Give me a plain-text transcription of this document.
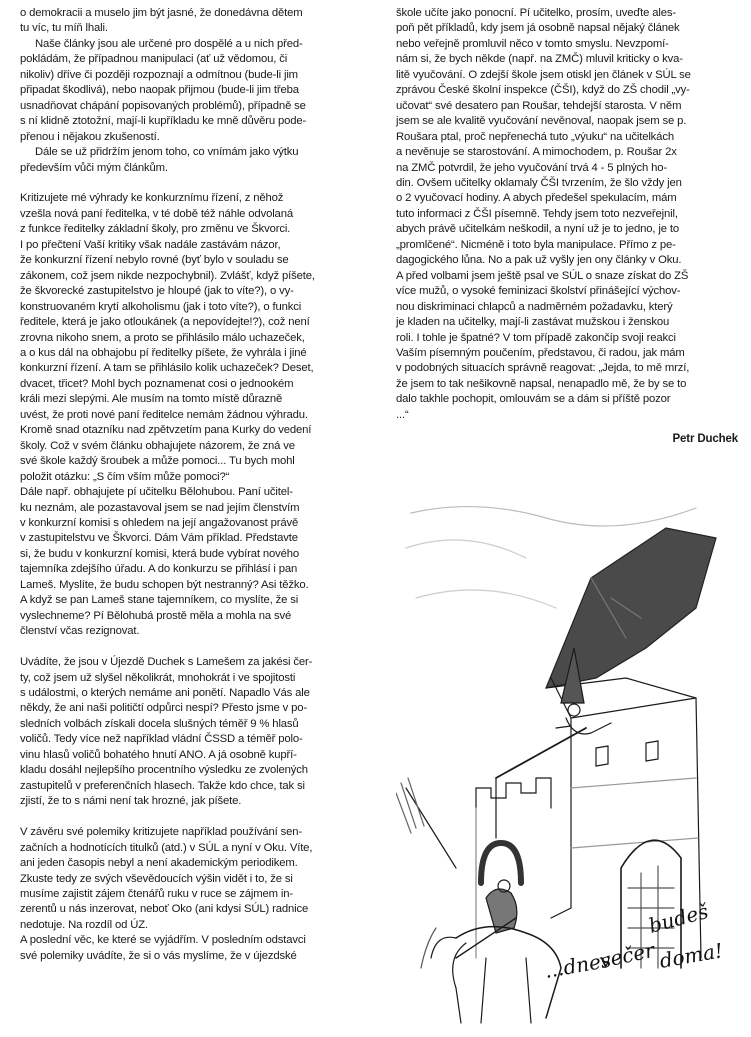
o demokracii a muselo jim být jasné, že donedávna dětem
tu víc, tu míň lhali.

Naše články jsou ale určené pro dospělé a u nich před-
pokládám, že případnou manipulaci (ať už vědomou, či
nikoliv) dříve či později rozpoznají a odmítnou (bude-li jim
připadat škodlivá), nebo naopak přijmou (bude-li jim třeba
usnadňovat chápání popisovaných problémů), případně se
s ní klidně ztotožní, mají-li kupříkladu ke mně důvěru pode-
přenou i nějakou zkušeností.

Dále se už přidržím jenom toho, co vnímám jako výtku
především vůči mým článkům.

Kritizujete mé výhrady ke konkurznímu řízení, z něhož
vzešla nová paní ředitelka, v té době též náhle odvolaná
z funkce ředitelky základní školy, pro změnu ve Škvorci.
I po přečtení Vaší kritiky však nadále zastávám názor,
že konkurzní řízení nebylo rovné (byť bylo v souladu se
zákonem, což jsem nikde nezpochybnil). Zvlášť, když píšete,
že škvorecké zastupitelstvo je hloupé (jak to víte?), o vy-
konstruovaném krytí alkoholismu (jak i toto víte?), o funkci
ředitele, která je jako otloukánek (a nepovídejte!?), což není
zrovna nikoho snem, a proto se přihlásilo málo uchazeček,
a o kus dál na obhajobu pí ředitelky píšete, že vyhrála i jiné
konkurzní řízení. A tam se přihlásilo kolik uchazeček? Deset,
dvacet, třicet? Mohl bych poznamenat cosi o jednookém
králi mezi slepými. Ale musím na tomto místě důrazně
uvést, že proti nové paní ředitelce nemám žádnou výhradu.
Kromě snad otazníku nad zpětvzetím pana Kurky do vedení
školy. Což v svém článku obhajujete názorem, že zná ve
své škole každý šroubek a může pomoci... Tu bych mohl
položit otázku: „S čím vším může pomoci?“
Dále např. obhajujete pí učitelku Bělohubou. Paní učitel-
ku neznám, ale pozastavoval jsem se nad jejím členstvím
v konkurzní komisi s ohledem na její angažovanost právě
v zastupitelstvu ve Škvorci. Dám Vám příklad. Představte
si, že budu v konkurzní komisi, která bude vybírat nového
tajemníka zdejšího úřadu. A do konkurzu se přihlásí i pan
Lameš. Myslíte, že budu schopen být nestranný? Asi těžko.
A když se pan Lameš stane tajemníkem, co myslíte, že si
vyslechneme? Pí Bělohubá prostě měla a mohla na své
členství včas rezignovat.

Uvádíte, že jsou v Újezdě Duchek s Lamešem za jakési čer-
ty, což jsem už slyšel několikrát, mnohokrát i ve spojitosti
s událostmi, o kterých nemáme ani ponětí. Napadlo Vás ale
někdy, že ani naši političtí odpůrci nespí? Přesto jsme v po-
sledních volbách získali docela slušných téměř 9 % hlasů
voličů. Tedy více než například vládní ČSSD a téměř polo-
vinu hlasů voličů bohatého hnutí ANO. A já osobně kupří-
kladu dosáhl nejlepšího procentního výsledku ze zvolených
zastupitelů v preferenčních hlasech. Takže kdo chce, tak si
zjistí, že to s námi není tak hrozné, jak píšete.

V závěru své polemiky kritizujete například používání sen-
začních a hodnotících titulků (atd.) v SÚL a nyní v Oku. Víte,
ani jeden časopis nebyl a není akademickým periodikem.
Zkuste tedy ze svých vševědoucích výšin vidět i to, že si
musíme zajistit zájem čtenářů ruku v ruce se zájmem in-
zerentů u nás inzerovat, neboť Oko (ani kdysi SÚL) radnice
nedotuje. Na rozdíl od ÚZ.
A poslední věc, ke které se vyjádřím. V posledním odstavci
své polemiky uvádíte, že si o vás myslíme, že v újezdské

škole učíte jako ponocní. Pí učitelko, prosím, uveďte ales-
poň pět příkladů, kdy jsem já osobně napsal nějaký článek
nebo veřejně promluvil něco v tomto smyslu. Nevzpomí-
nám si, že bych někde (např. na ZMČ) mluvil kriticky o kva-
litě vyučování. O zdejší škole jsem otiskl jen článek v SÚL se
zprávou České školní inspekce (ČŠI), když do ZŠ chodil „vy-
učovat“ své desatero pan Roušar, tehdejší starosta. V něm
jsem se ale kvalitě vyučování nevěnoval, naopak jsem se p.
Roušara ptal, proč nepřenechá tuto „výuku“ na učitelkách
a nevěnuje se starostování. A mimochodem, p. Roušar 2x
na ZMČ potvrdil, že jeho vyučování trvá 4 - 5 plných ho-
din. Ovšem učitelky oklamaly ČŠI tvrzením, že šlo vždy jen
o 2 vyučovací hodiny. A abych předešel spekulacím, mám
tuto informaci z ČŠI písemně. Tehdy jsem toto nezveřejnil,
abych právě učitelkám neškodil, a nyní už je to jedno, je to
„promlčené“. Nicméně i toto byla manipulace. Přímo z pe-
dagogického lůna. No a pak už vyšly jen ony články v Oku.
A před volbami jsem ještě psal ve SÚL o snaze získat do ZŠ
více mužů, o vysoké feminizaci školství přinášející výchov-
nou diskriminaci chlapců a nadměrném požadavku, který
je kladen na učitelky, mají-li zastávat mužskou i ženskou
roli. I tohle je špatné? V tom případě zakončíp svoji reakci
Vaším písemným poučením, představou, či radou, jak mám
v podobných situacích správně reagovat: „Jejda, to mě mrzí,
že jsem to tak nešikovně napsal, nenapadlo mě, že by se to
dalo takhle pochopit, omlouvám se a dám si příště pozor
...“

Petr Duchek
...dnes
večer
budeš
doma!
